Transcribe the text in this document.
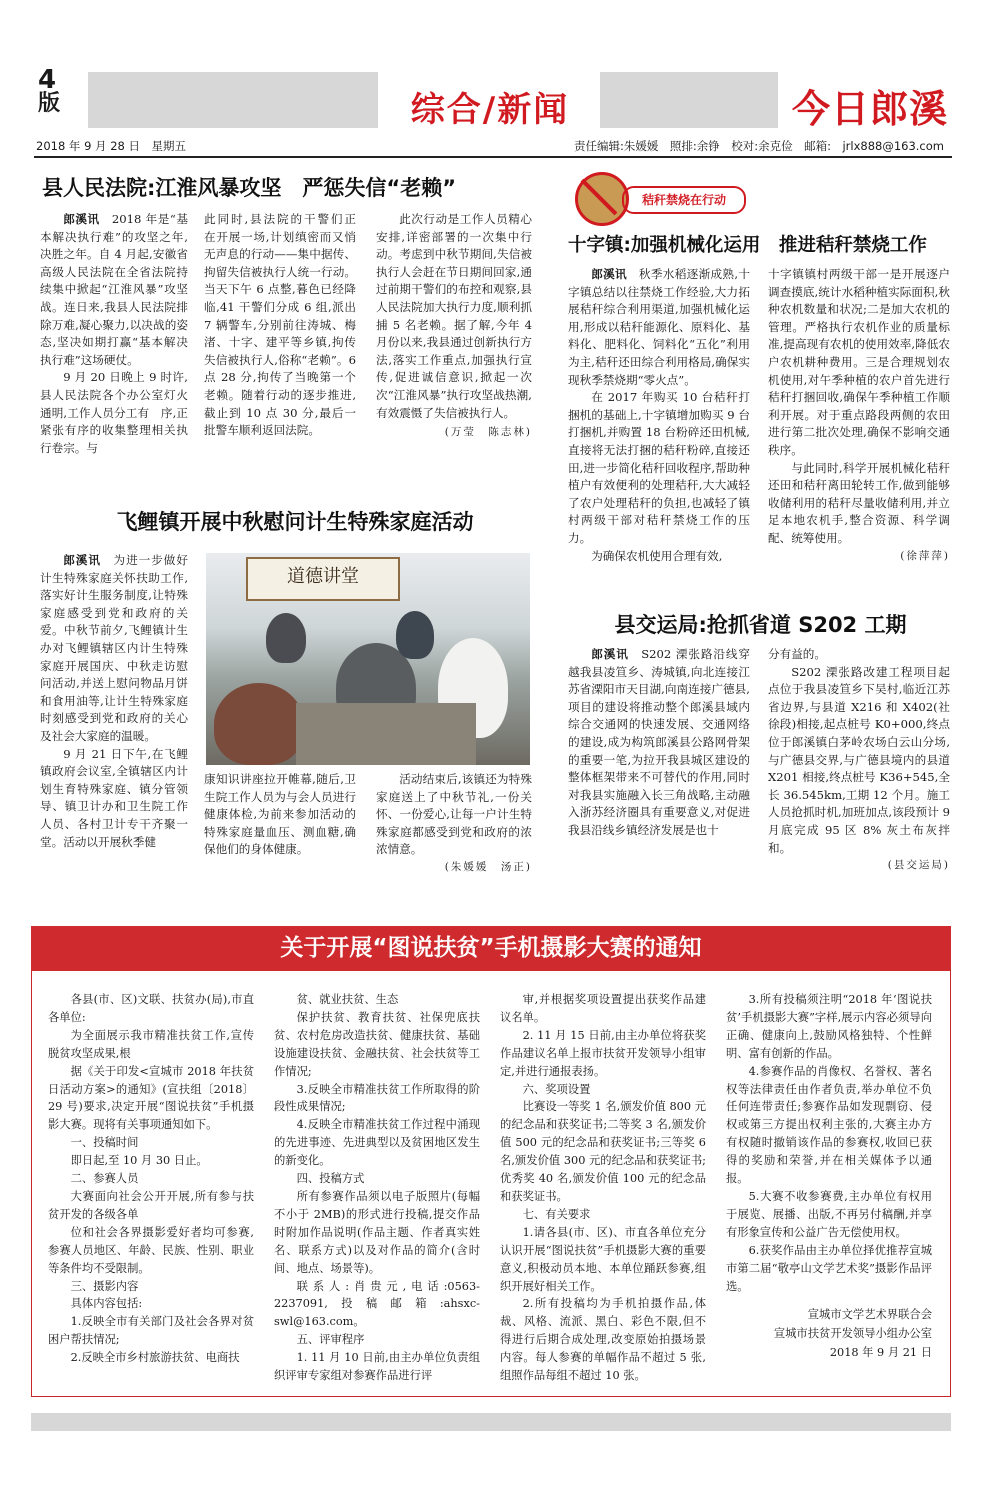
4
版	综合/新闻	今日郎溪
2018 年 9 月 28 日　星期五	责任编辑:朱媛媛　照排:余铮　校对:余克俭　邮箱:　jrlx888@163.com
县人民法院:江淮风暴攻坚　严惩失信“老赖”

郎溪讯　 2018 年是“基本解决执行难”的攻坚之年,决胜之年。自 4 月起,安徽省高级人民法院在全省法院持续集中掀起“江淮风暴”攻坚战。连日来,我县人民法院排除万难,凝心聚力,以决战的姿态,坚决如期打赢“基本解决执行难”这场硬仗。

9 月 20 日晚上 9 时许,县人民法院各个办公室灯火通明,工作人员分工有　序,正紧张有序的收集整理相关执行卷宗。与

此同时,县法院的干警们正　在开展一场,计划缜密而又悄无声息的行动——集中据传、拘留失信被执行人统一行动。当天下午 6 点整,暮色已经降临,41 干警们分成 6 组,派出 7 辆警车,分别前往涛城、梅渚、十字、建平等乡镇,拘传失信被执行人,俗称“老赖”。6 点 28 分,拘传了当晚第一个老赖。随着行动的逐步推进,截止到 10 点 30 分,最后一批警车顺利返回法院。

此次行动是工作人员精心安排,详密部署的一次集中行动。考虑到中秋节期间,失信被执行人会赶在节日期间回家,通过前期干警们的布控和观察,县人民法院加大执行力度,顺利抓捕 5 名老赖。据了解,今年 4 月份以来,我县通过创新执行方法,落实工作重点,加强执行宣传,促进诚信意识,掀起一次次“江淮风暴”执行攻坚战热潮,有效震慑了失信被执行人。

(万莹　陈志林)
秸秆禁烧在行动
十字镇:加强机械化运用　推进秸秆禁烧工作

郎溪讯　 秋季水稻逐渐成熟,十字镇总结以往禁烧工作经验,大力拓展秸秆综合利用渠道,加强机械化运用,形成以秸秆能源化、原料化、基料化、肥料化、饲料化“五化”利用为主,秸秆还田综合利用格局,确保实现秋季禁烧期“零火点”。

在 2017 年购买 10 台秸秆打捆机的基础上,十字镇增加购买 9 台打捆机,并购置 18 台粉碎还田机械,直接将无法打捆的秸秆粉碎,直接还田,进一步简化秸秆回收程序,帮助种植户有效便利的处理秸秆,大大减轻了农户处理秸秆的负担,也减轻了镇村两级干部对秸秆禁烧工作的压力。

为确保农机使用合理有效,

十字镇镇村两级干部一是开展逐户调查摸底,统计水稻种植实际面积,秋种农机数量和状况;二是加大农机的管理。严格执行农机作业的质量标准,提高现有农机的使用效率,降低农户农机耕种费用。三是合理规划农机使用,对午季种植的农户首先进行秸秆打捆回收,确保午季种植工作顺利开展。对于重点路段两侧的农田进行第二批次处理,确保不影响交通秩序。

与此同时,科学开展机械化秸秆还田和秸秆离田轮转工作,做到能够收储利用的秸秆尽量收储利用,并立足本地农机手,整合资源、科学调配、统筹使用。

(徐萍萍)
飞鲤镇开展中秋慰问计生特殊家庭活动

郎溪讯　 为进一步做好计生特殊家庭关怀扶助工作,落实好计生服务制度,让特殊家庭感受到党和政府的关爱。中秋节前夕,飞鲤镇计生办对飞鲤镇辖区内计生特殊家庭开展国庆、中秋走访慰问活动,并送上慰问物品月饼和食用油等,让计生特殊家庭时刻感受到党和政府的关心及社会大家庭的温暖。

9 月 21 日下午,在飞鲤镇政府会议室,全镇辖区内计划生育特殊家庭、镇分管领导、镇卫计办和卫生院工作人员、各村卫计专干齐聚一堂。活动以开展秋季健

道德讲堂

康知识讲座拉开帷幕,随后,卫生院工作人员为与会人员进行健康体检,为前来参加活动的特殊家庭量血压、测血糖,确保他们的身体健康。

活动结束后,该镇还为特殊家庭送上了中秋节礼,一份关怀、一份爱心,让每一户计生特殊家庭都感受到党和政府的浓浓情意。

(朱媛媛　汤正)
县交运局:抢抓省道 S202 工期

郎溪讯　 S202 溧张路沿线穿越我县凌笪乡、涛城镇,向北连接江苏省溧阳市天目湖,向南连接广德县,项目的建设将推动整个郎溪县域内综合交通网的快速发展、交通网络的建设,成为构筑郎溪县公路网骨架的重要一笔,为拉开我县城区建设的整体框架带来不可替代的作用,同时对我县实施融入长三角战略,主动融入浙苏经济圈具有重要意义,对促进我县沿线乡镇经济发展是也十

分有益的。

S202 溧张路改建工程项目起点位于我县凌笪乡下吴村,临近江苏省边界,与县道 X216 和 X402(社徐段)相接,起点桩号 K0+000,终点位于郎溪镇白茅岭农场白云山分场,与广德县交界,与广德县境内的县道 X201 相接,终点桩号 K36+545,全长 36.545km,工期 12 个月。施工人员抢抓时机,加班加点,该段预计 9 月底完成 95 区 8% 灰土布灰拌和。

(县交运局)
关于开展“图说扶贫”手机摄影大赛的通知

各县(市、区)文联、扶贫办(局),市直各单位:

为全面展示我市精准扶贫工作,宣传脱贫攻坚成果,根

据《关于印发<宣城市 2018 年扶贫日活动方案>的通知》(宣扶组〔2018〕29 号)要求,决定开展“图说扶贫”手机摄影大赛。现将有关事项通知如下。

一、投稿时间

即日起,至 10 月 30 日止。

二、参赛人员

大赛面向社会公开开展,所有参与扶贫开发的各级各单

位和社会各界摄影爱好者均可参赛,参赛人员地区、年龄、民族、性别、职业等条件均不受限制。

三、摄影内容

具体内容包括:

1.反映全市有关部门及社会各界对贫困户帮扶情况;

2.反映全市乡村旅游扶贫、电商扶

贫、就业扶贫、生态

保护扶贫、教育扶贫、社保兜底扶贫、农村危房改造扶贫、健康扶贫、基础设施建设扶贫、金融扶贫、社会扶贫等工作情况;

3.反映全市精准扶贫工作所取得的阶段性成果情况;

4.反映全市精准扶贫工作过程中涌现的先进事迹、先进典型以及贫困地区发生的新变化。

四、投稿方式

所有参赛作品须以电子版照片(每幅不小于 2MB)的形式进行投稿,提交作品时附加作品说明(作品主题、作者真实姓名、联系方式)以及对作品的简介(含时间、地点、场景等)。

联系人:肖贵元,电话:0563-2237091,投稿邮箱:ahsxc-swl@163.com。

五、评审程序

1. 11 月 10 日前,由主办单位负责组织评审专家组对参赛作品进行评

审,并根据奖项设置提出获奖作品建议名单。

2. 11 月 15 日前,由主办单位将获奖作品建议名单上报市扶贫开发领导小组审定,并进行通报表扬。

六、奖项设置

比赛设一等奖 1 名,颁发价值 800 元的纪念品和获奖证书;二等奖 3 名,颁发价值 500 元的纪念品和获奖证书;三等奖 6 名,颁发价值 300 元的纪念品和获奖证书;优秀奖 40 名,颁发价值 100 元的纪念品和获奖证书。

七、有关要求

1.请各县(市、区)、市直各单位充分认识开展“图说扶贫”手机摄影大赛的重要意义,积极动员本地、本单位踊跃参赛,组织开展好相关工作。

2.所有投稿均为手机拍摄作品,体裁、风格、流派、黑白、彩色不限,但不得进行后期合成处理,改变原始拍摄场景内容。每人参赛的单幅作品不超过 5 张,组照作品每组不超过 10 张。

3.所有投稿须注明“2018 年‘图说扶贫’手机摄影大赛”字样,展示内容必须导向正确、健康向上,鼓励风格独特、个性鲜明、富有创新的作品。

4.参赛作品的肖像权、名誉权、著名权等法律责任由作者负责,举办单位不负任何连带责任;参赛作品如发现剽窃、侵权或第三方提出权利主张的,大赛主办方有权随时撤销该作品的参赛权,收回已获得的奖励和荣誉,并在相关媒体予以通报。

5.大赛不收参赛费,主办单位有权用于展览、展播、出版,不再另付稿酬,并享有形象宣传和公益广告无偿使用权。

6.获奖作品由主办单位择优推荐宣城市第二届“敬亭山文学艺术奖”摄影作品评选。

宣城市文学艺术界联合会
宣城市扶贫开发领导小组办公室
2018 年 9 月 21 日
